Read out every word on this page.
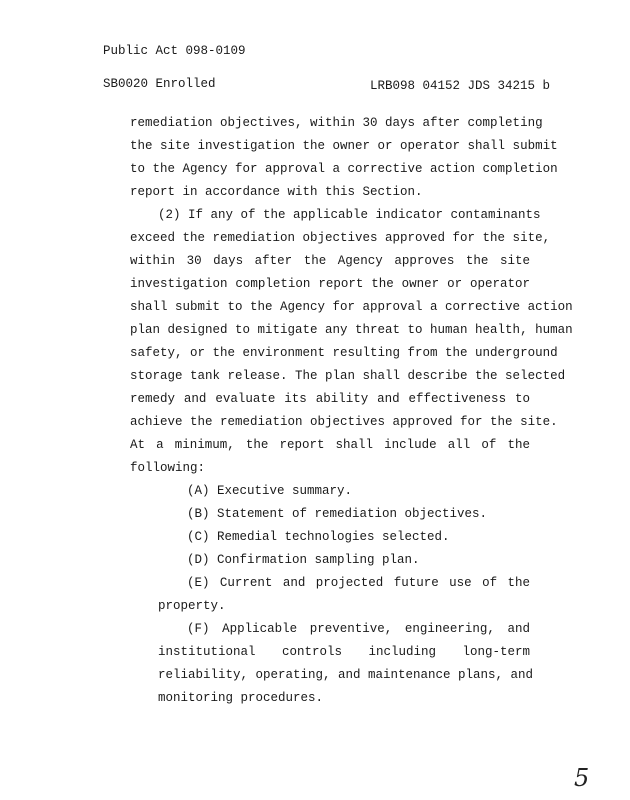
Public Act 098-0109
SB0020 Enrolled	LRB098 04152 JDS 34215 b
remediation objectives, within 30 days after completing
the site investigation the owner or operator shall submit
to the Agency for approval a corrective action completion
report in accordance with this Section.
(2) If any of the applicable indicator contaminants
exceed the remediation objectives approved for the site,
within 30 days after the Agency approves the site
investigation completion report the owner or operator
shall submit to the Agency for approval a corrective action
plan designed to mitigate any threat to human health, human
safety, or the environment resulting from the underground
storage tank release. The plan shall describe the selected
remedy and evaluate its ability and effectiveness to
achieve the remediation objectives approved for the site.
At a minimum, the report shall include all of the
following:
(A) Executive summary.
(B) Statement of remediation objectives.
(C) Remedial technologies selected.
(D) Confirmation sampling plan.
(E) Current and projected future use of the
property.
(F) Applicable preventive, engineering, and
institutional controls including long-term
reliability, operating, and maintenance plans, and
monitoring procedures.
5
